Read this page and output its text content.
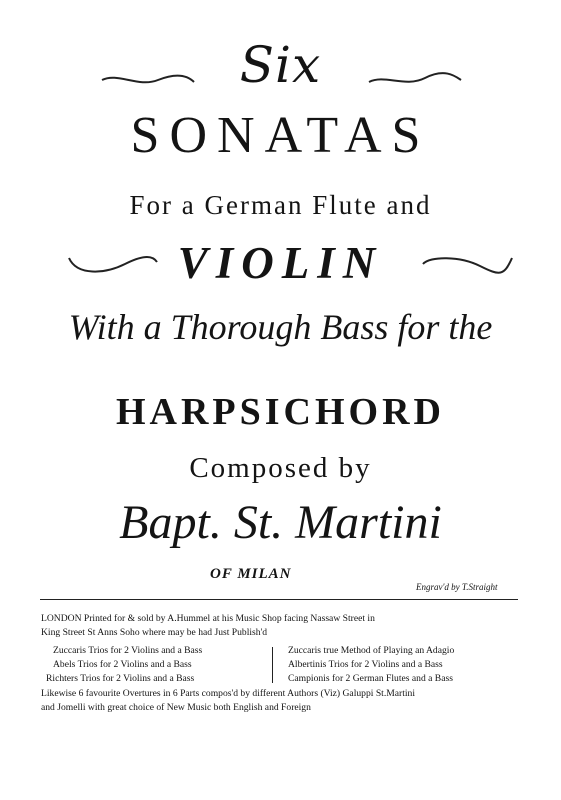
Six
SONATAS
For a German Flute and
VIOLIN
With a Thorough Bass for the
HARPSICHORD
Composed by
Bapt. St. Martini
OF MILAN
Engrav'd by T.Straight
LONDON Printed for & sold by A.Hummel at his Music Shop facing Nassaw Street in
King Street St Anns Soho where may be had Just Publish'd
Zuccaris Trios for 2 Violins and a Bass
Abels Trios for 2 Violins and a Bass
Richters Trios for 2 Violins and a Bass
Zuccaris true Method of Playing an Adagio
Albertinis Trios for 2 Violins and a Bass
Campionis for 2 German Flutes and a Bass
Likewise 6 favourite Overtures in 6 Parts compos'd by different Authors (Viz) Galuppi St.Martini
and Jomelli with great choice of New Music both English and Foreign
